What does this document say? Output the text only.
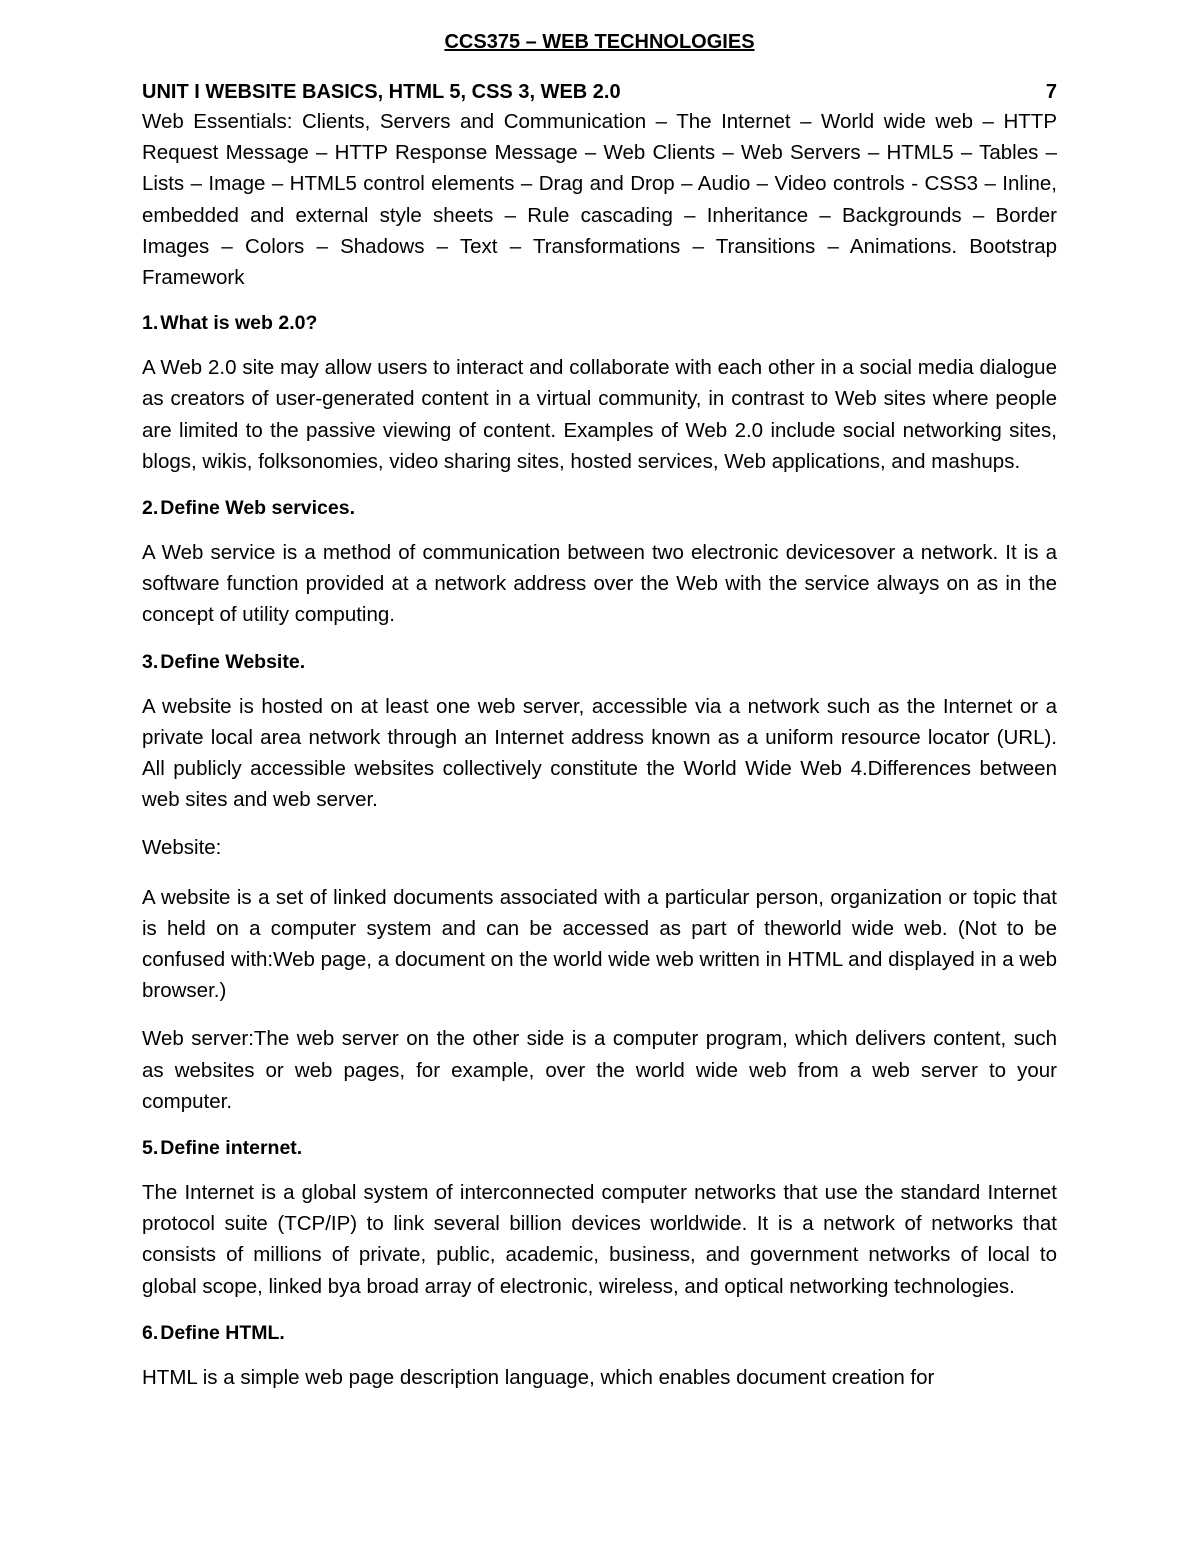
CCS375 – WEB TECHNOLOGIES
UNIT I WEBSITE BASICS, HTML 5, CSS 3, WEB 2.0	7

Web Essentials: Clients, Servers and Communication – The Internet – World wide web – HTTP Request Message – HTTP Response Message – Web Clients – Web Servers – HTML5 – Tables – Lists – Image – HTML5 control elements – Drag and Drop – Audio – Video controls - CSS3 – Inline, embedded and external style sheets – Rule cascading – Inheritance – Backgrounds – Border Images – Colors – Shadows – Text – Transformations – Transitions – Animations. Bootstrap Framework

1. What is web 2.0?

A Web 2.0 site may allow users to interact and collaborate with each other in a social media dialogue as creators of user-generated content in a virtual community, in contrast to Web sites where people are limited to the passive viewing of content. Examples of Web 2.0 include social networking sites, blogs, wikis, folksonomies, video sharing sites, hosted services, Web applications, and mashups.

2. Define Web services.

A Web service is a method of communication between two electronic devicesover a network. It is a software function provided at a network address over the Web with the service always on as in the concept of utility computing.

3. Define Website.

A website is hosted on at least one web server, accessible via a network such as the Internet or a private local area network through an Internet address known as a uniform resource locator (URL). All publicly accessible websites collectively constitute the World Wide Web 4.Differences between web sites and web server.

Website:

A website is a set of linked documents associated with a particular person, organization or topic that is held on a computer system and can be accessed as part of theworld wide web. (Not to be confused with:Web page, a document on the world wide web written in HTML and displayed in a web browser.)

Web server:The web server on the other side is a computer program, which delivers content, such as websites or web pages, for example, over the world wide web from a web server to your computer.

5. Define internet.

The Internet is a global system of interconnected computer networks that use the standard Internet protocol suite (TCP/IP) to link several billion devices worldwide. It is a network of networks that consists of millions of private, public, academic, business, and government networks of local to global scope, linked bya broad array of electronic, wireless, and optical networking technologies.

6. Define HTML.

HTML is a simple web page description language, which enables document creation for
